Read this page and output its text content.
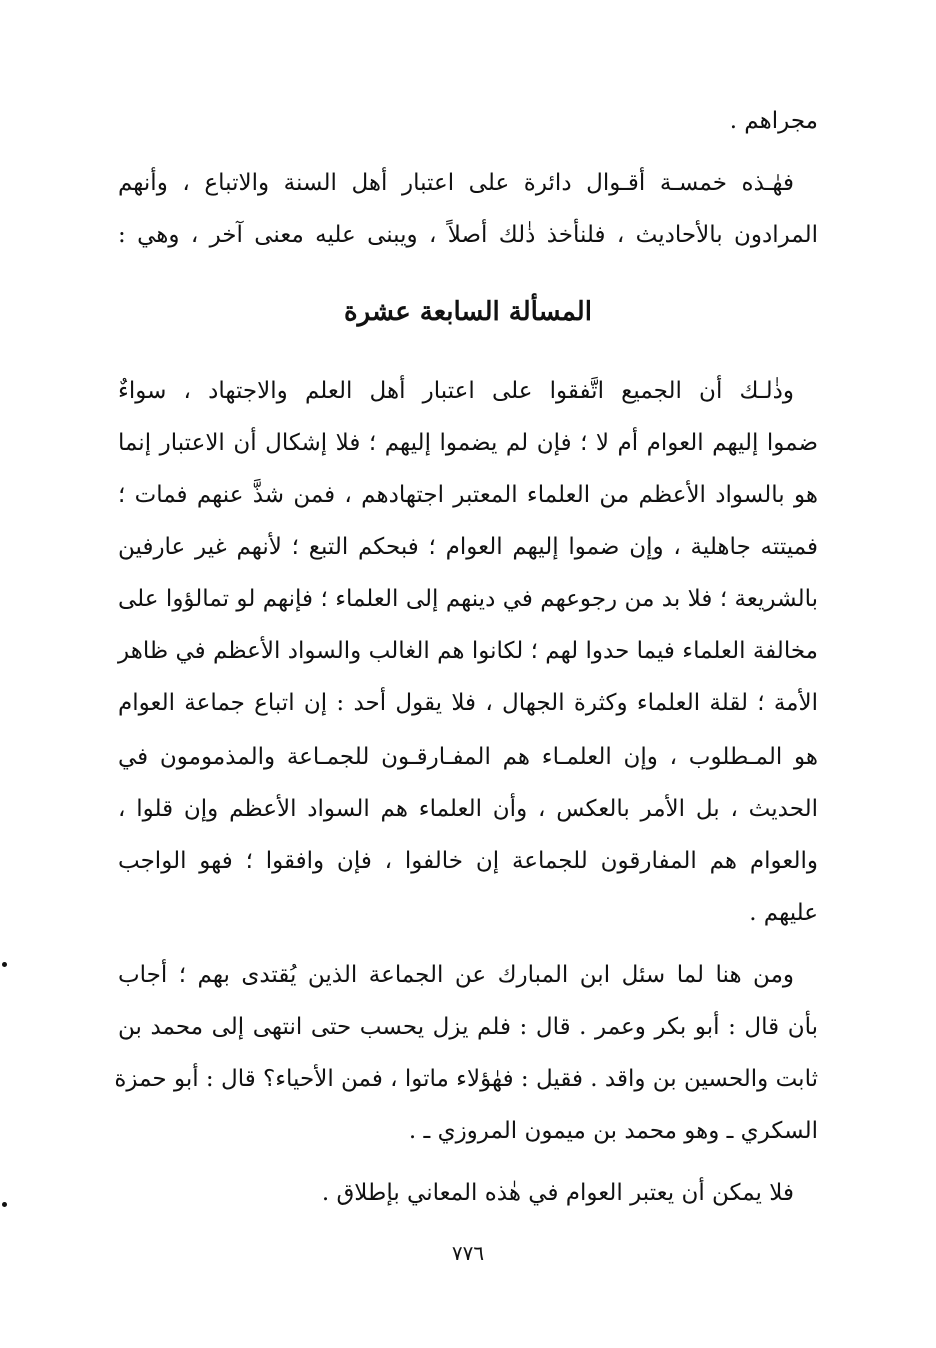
مجراهم .
فهٰـذه خمسـة أقـوال دائرة على اعتبار أهل السنة والاتباع ، وأنهم
المرادون بالأحاديث ، فلنأخذ ذٰلك أصلاً ، ويبنى عليه معنى آخر ، وهي :
المسألة السابعة عشرة
وذٰلـك أن الجميع اتَّفقوا على اعتبار أهل العلم والاجتهاد ، سواءٌ
ضموا إليهم العوام أم لا ؛ فإن لم يضموا إليهم ؛ فلا إشكال أن الاعتبار إنما
هو بالسواد الأعظم من العلماء المعتبر اجتهادهم ، فمن شذَّ عنهم فمات ؛
فميتته جاهلية ، وإن ضموا إليهم العوام ؛ فبحكم التبع ؛ لأنهم غير عارفين
بالشريعة ؛ فلا بد من رجوعهم في دينهم إلى العلماء ؛ فإنهم لو تمالؤوا على
مخالفة العلماء فيما حدوا لهم ؛ لكانوا هم الغالب والسواد الأعظم في ظاهر
الأمة ؛ لقلة العلماء وكثرة الجهال ، فلا يقول أحد : إن اتباع جماعة العوام
هو المـطلوب ، وإن العلمـاء هم المفـارقـون للجمـاعة والمذمومون في
الحديث ، بل الأمر بالعكس ، وأن العلماء هم السواد الأعظم وإن قلوا ،
والعوام هم المفارقون للجماعة إن خالفوا ، فإن وافقوا ؛ فهو الواجب
عليهم .
ومن هنا لما سئل ابن المبارك عن الجماعة الذين يُقتدى بهم ؛ أجاب
بأن قال : أبو بكر وعمر . قال : فلم يزل يحسب حتى انتهى إلى محمد بن
ثابت والحسين بن واقد . فقيل : فهٰؤلاء ماتوا ، فمن الأحياء؟ قال : أبو حمزة
السكري ـ وهو محمد بن ميمون المروزي ـ .
فلا يمكن أن يعتبر العوام في هٰذه المعاني بإطلاق .
٧٧٦
